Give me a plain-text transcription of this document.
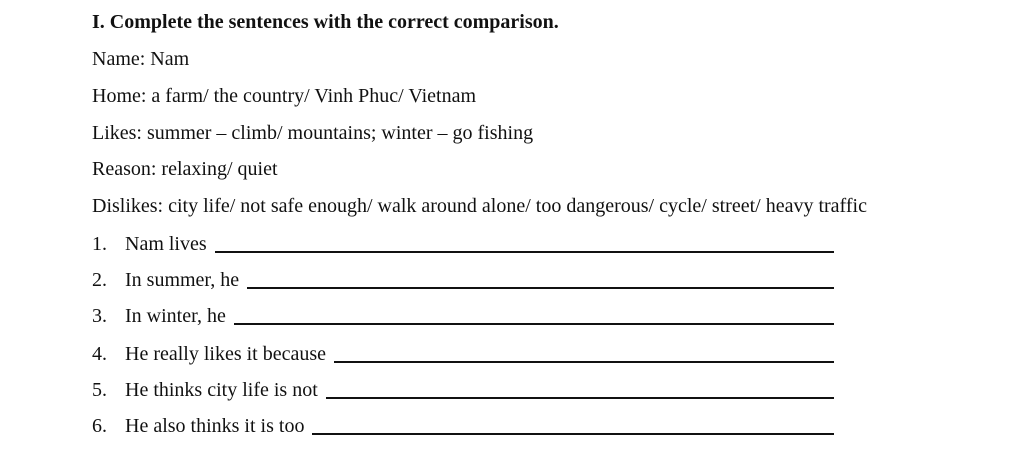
I. Complete the sentences with the correct comparison.
Name: Nam
Home: a farm/ the country/ Vinh Phuc/ Vietnam
Likes: summer – climb/ mountains; winter – go fishing
Reason: relaxing/ quiet
Dislikes: city life/ not safe enough/ walk around alone/ too dangerous/ cycle/ street/ heavy traffic
1. Nam lives
2. In summer, he
3. In winter, he
4. He really likes it because
5. He thinks city life is not
6. He also thinks it is too
